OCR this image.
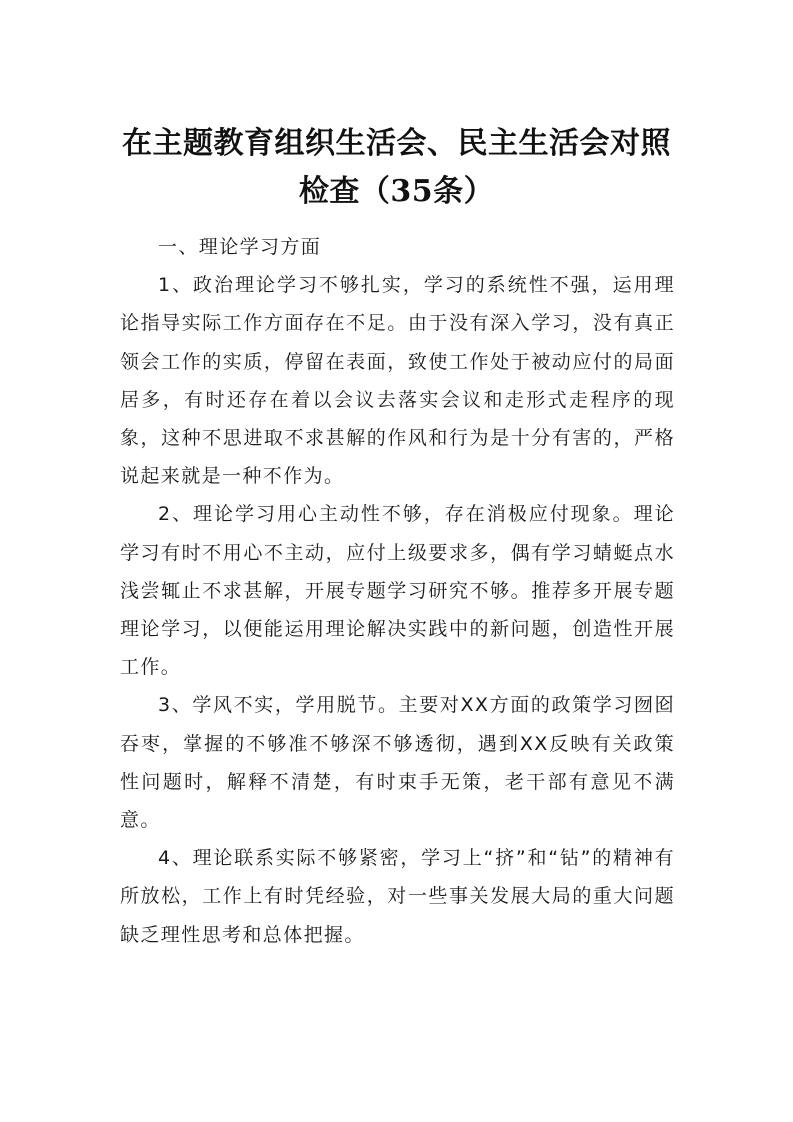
在主题教育组织生活会、民主生活会对照检查（35条）

一、理论学习方面

1、政治理论学习不够扎实，学习的系统性不强，运用理论指导实际工作方面存在不足。由于没有深入学习，没有真正领会工作的实质，停留在表面，致使工作处于被动应付的局面居多，有时还存在着以会议去落实会议和走形式走程序的现象，这种不思进取不求甚解的作风和行为是十分有害的，严格说起来就是一种不作为。

2、理论学习用心主动性不够，存在消极应付现象。理论学习有时不用心不主动，应付上级要求多，偶有学习蜻蜓点水浅尝辄止不求甚解，开展专题学习研究不够。推荐多开展专题理论学习，以便能运用理论解决实践中的新问题，创造性开展工作。

3、学风不实，学用脱节。主要对XX方面的政策学习囫囵吞枣，掌握的不够准不够深不够透彻，遇到XX反映有关政策性问题时，解释不清楚，有时束手无策，老干部有意见不满意。

4、理论联系实际不够紧密，学习上“挤”和“钻”的精神有所放松，工作上有时凭经验，对一些事关发展大局的重大问题缺乏理性思考和总体把握。
